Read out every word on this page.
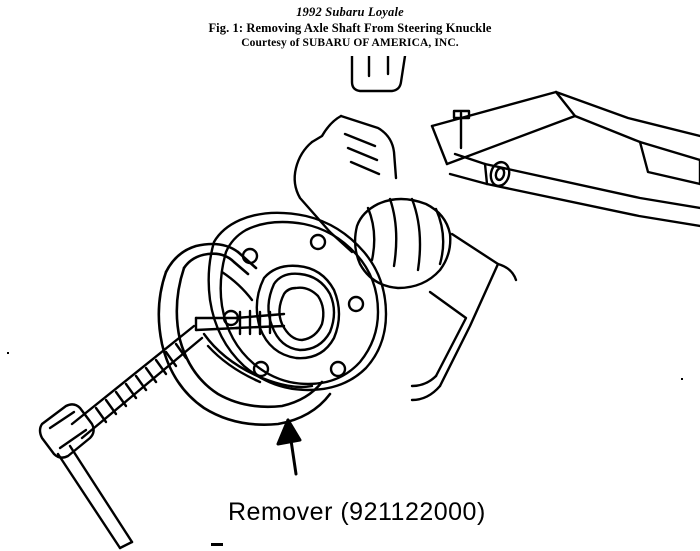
1992 Subaru Loyale
Fig. 1: Removing Axle Shaft From Steering Knuckle
Courtesy of SUBARU OF AMERICA, INC.
Remover (921122000)
